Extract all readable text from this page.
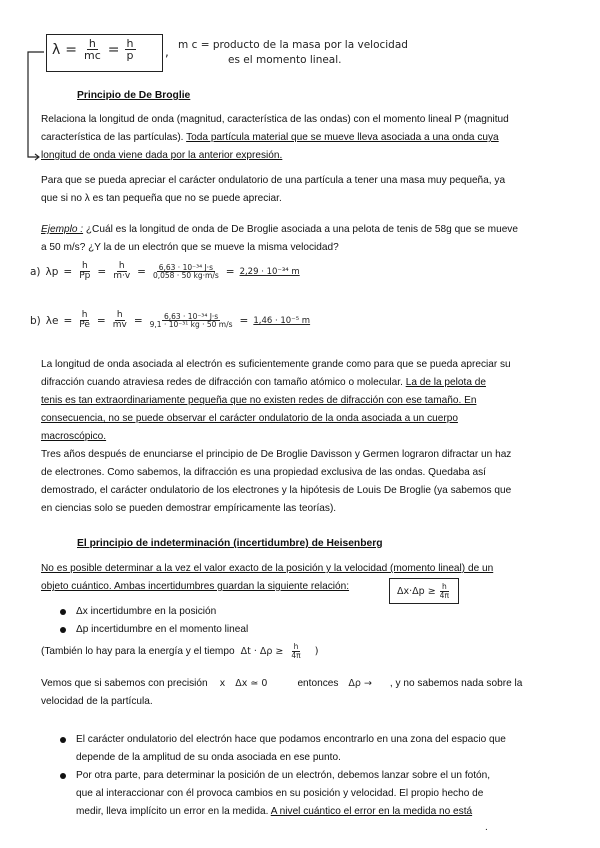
$\lambda = \frac{h}{mc} = \frac{h}{p}$ , m c = producto de la masa por la velocidad
es el momento lineal.
Principio de De Broglie

Relaciona la longitud de onda (magnitud, característica de las ondas) con el momento lineal P (magnitud
característica de las partículas). Toda partícula material que se mueve lleva asociada a una onda cuya
longitud de onda viene dada por la anterior expresión.

Para que se pueda apreciar el carácter ondulatorio de una partícula a tener una masa muy pequeña, ya
que si no λ es tan pequeña que no se puede apreciar.

Ejemplo : ¿Cuál es la longitud de onda de De Broglie asociada a una pelota de tenis de 58g que se mueve
a 50 m/s? ¿Y la de un electrón que se mueve la misma velocidad?

a) $\lambda p = \frac{h}{Pp} = \frac{h}{m\cdot v} = \frac{\text{6,63 · 10⁻³⁴ J·s}}{0,058 \cdot 50 kg\cdot m/s} = 2,29 \cdot 10^{-34}$ m
b) $\lambda e = \frac{h}{Pe} = \frac{h}{mv} = \frac{\text{6,63 · 10⁻³⁴ J·s}}{\text{9,1 · 10⁻³¹ kg · 50 m/s}} = 1,46 \cdot 10^{-5}$ m

La longitud de onda asociada al electrón es suficientemente grande como para que se pueda apreciar su
difracción cuando atraviesa redes de difracción con tamaño atómico o molecular. La de la pelota de
tenis es tan extraordinariamente pequeña que no existen redes de difracción con ese tamaño. En
consecuencia, no se puede observar el carácter ondulatorio de la onda asociada a un cuerpo
macroscópico.

Tres años después de enunciarse el principio de De Broglie Davisson y Germen lograron difractar un haz
de electrones. Como sabemos, la difracción es una propiedad exclusiva de las ondas. Quedaba así
demostrado, el carácter ondulatorio de los electrones y la hipótesis de Louis De Broglie (ya sabemos que
en ciencias solo se pueden demostrar empíricamente las teorías).

El principio de indeterminación (incertidumbre) de Heisenberg

No es posible determinar a la vez el valor exacto de la posición y la velocidad (momento lineal) de un
objeto cuántico. Ambas incertidumbres guardan la siguiente relación:	$\Delta x\cdot\Delta p \ge \frac{h}{4\pi}$

Δx incertidumbre en la posición

Δp incertidumbre en el momento lineal

(También lo hay para la energía y el tiempo $\Delta t \cdot \Delta\rho \ge \frac{h}{4\pi}$ )
Vemos que si sabemos con precisión x Δx ≃ 0	entonces Δρ → , y no sabemos nada sobre la

velocidad de la partícula.

El carácter ondulatorio del electrón hace que podamos encontrarlo en una zona del espacio que
depende de la amplitud de su onda asociada en ese punto.

Por otra parte, para determinar la posición de un electrón, debemos lanzar sobre el un fotón,
que al interaccionar con él provoca cambios en su posición y velocidad. El propio hecho de
medir, lleva implícito un error en la medida. A nivel cuántico el error en la medida no está

.
